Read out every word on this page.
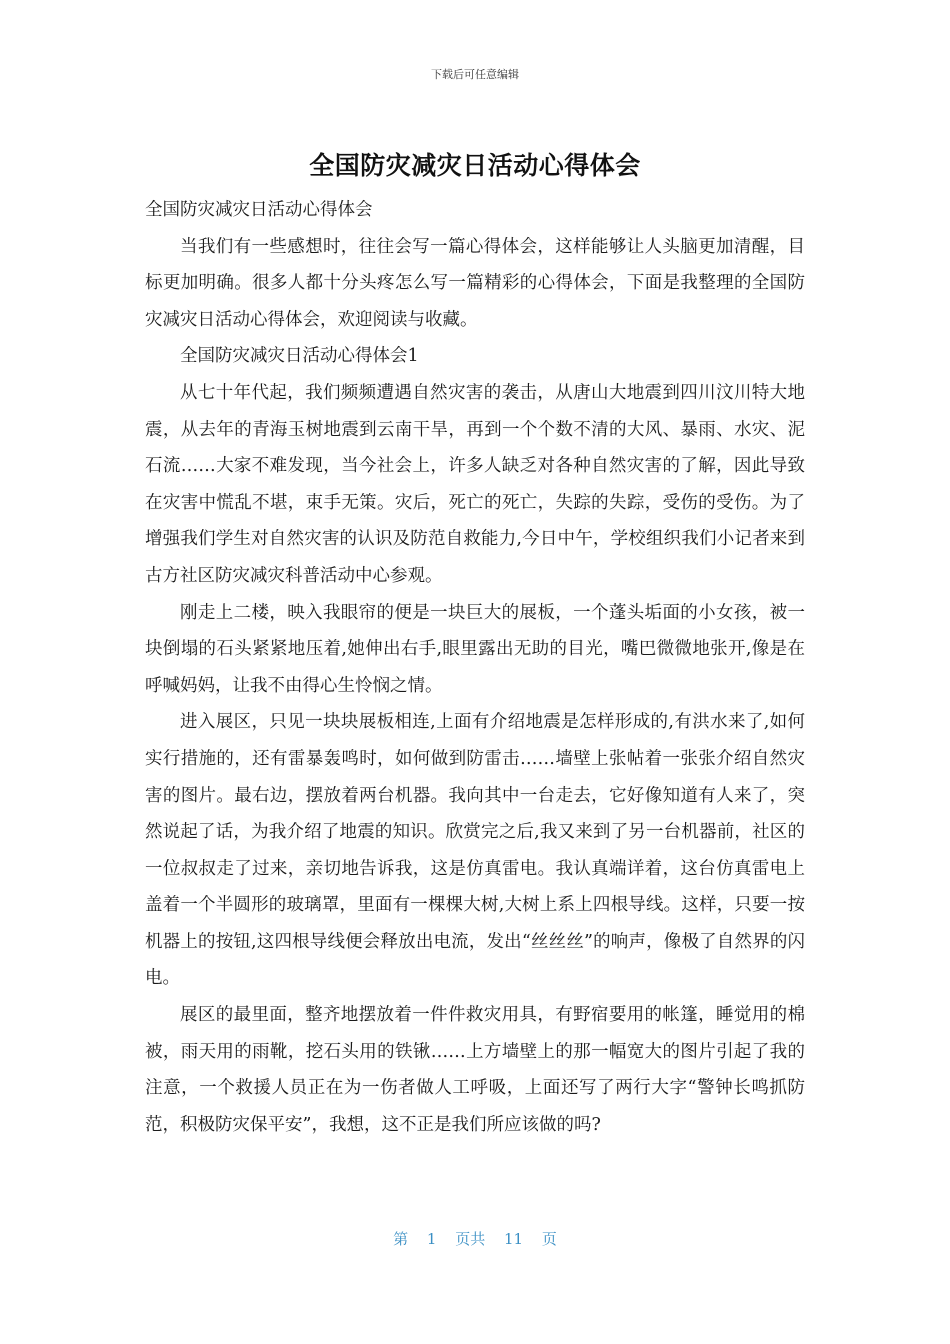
下载后可任意编辑
全国防灾减灾日活动心得体会

全国防灾减灾日活动心得体会

当我们有一些感想时，往往会写一篇心得体会，这样能够让人头脑更加清醒，目标更加明确。很多人都十分头疼怎么写一篇精彩的心得体会，下面是我整理的全国防灾减灾日活动心得体会，欢迎阅读与收藏。

全国防灾减灾日活动心得体会1

从七十年代起，我们频频遭遇自然灾害的袭击，从唐山大地震到四川汶川特大地震，从去年的青海玉树地震到云南干旱，再到一个个数不清的大风、暴雨、水灾、泥石流……大家不难发现，当今社会上，许多人缺乏对各种自然灾害的了解，因此导致在灾害中慌乱不堪，束手无策。灾后，死亡的死亡，失踪的失踪，受伤的受伤。为了增强我们学生对自然灾害的认识及防范自救能力,今日中午，学校组织我们小记者来到古方社区防灾减灾科普活动中心参观。

刚走上二楼，映入我眼帘的便是一块巨大的展板，一个蓬头垢面的小女孩，被一块倒塌的石头紧紧地压着,她伸出右手,眼里露出无助的目光，嘴巴微微地张开,像是在呼喊妈妈，让我不由得心生怜悯之情。

进入展区，只见一块块展板相连,上面有介绍地震是怎样形成的,有洪水来了,如何实行措施的，还有雷暴轰鸣时，如何做到防雷击……墙壁上张帖着一张张介绍自然灾害的图片。最右边，摆放着两台机器。我向其中一台走去，它好像知道有人来了，突然说起了话，为我介绍了地震的知识。欣赏完之后,我又来到了另一台机器前，社区的一位叔叔走了过来，亲切地告诉我，这是仿真雷电。我认真端详着，这台仿真雷电上盖着一个半圆形的玻璃罩，里面有一棵棵大树,大树上系上四根导线。这样，只要一按机器上的按钮,这四根导线便会释放出电流，发出“丝丝丝”的响声，像极了自然界的闪电。

展区的最里面，整齐地摆放着一件件救灾用具，有野宿要用的帐篷，睡觉用的棉被，雨天用的雨靴，挖石头用的铁锹……上方墙壁上的那一幅宽大的图片引起了我的注意，一个救援人员正在为一伤者做人工呼吸，上面还写了两行大字“警钟长鸣抓防范，积极防灾保平安”，我想，这不正是我们所应该做的吗?

第 1 页共 11 页
